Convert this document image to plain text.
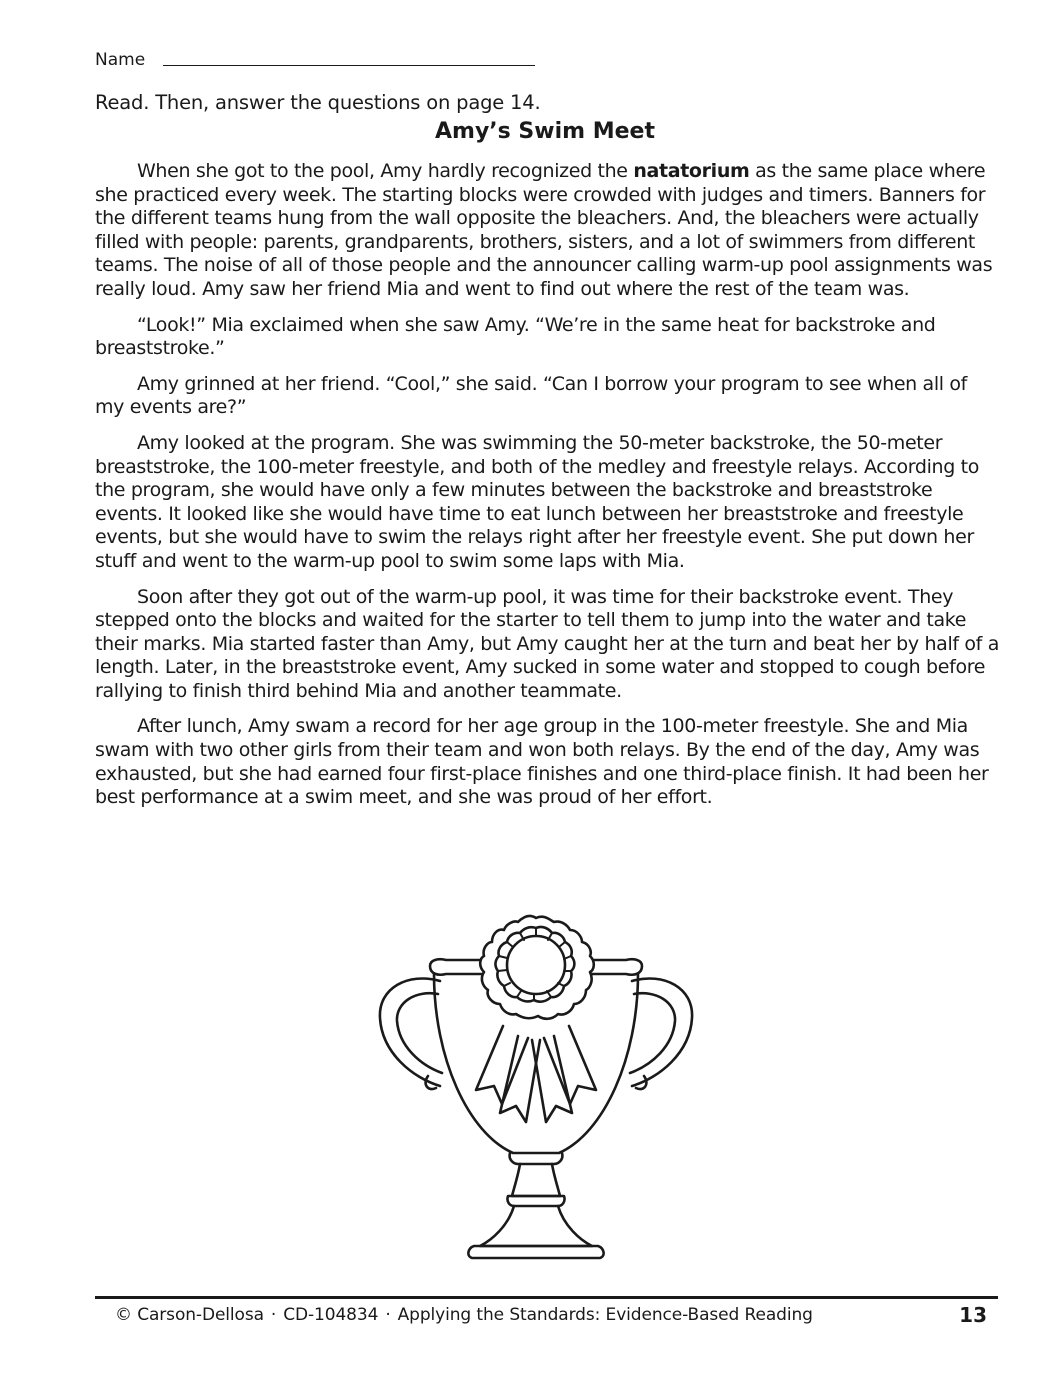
Name
Read. Then, answer the questions on page 14.
Amy’s Swim Meet

When she got to the pool, Amy hardly recognized the natatorium as the same place where she practiced every week. The starting blocks were crowded with judges and timers. Banners for the different teams hung from the wall opposite the bleachers. And, the bleachers were actually filled with people: parents, grandparents, brothers, sisters, and a lot of swimmers from different teams. The noise of all of those people and the announcer calling warm-up pool assignments was really loud. Amy saw her friend Mia and went to find out where the rest of the team was.

“Look!” Mia exclaimed when she saw Amy. “We’re in the same heat for backstroke and breaststroke.”

Amy grinned at her friend. “Cool,” she said. “Can I borrow your program to see when all of my events are?”

Amy looked at the program. She was swimming the 50-meter backstroke, the 50-meter breaststroke, the 100-meter freestyle, and both of the medley and freestyle relays. According to the program, she would have only a few minutes between the backstroke and breaststroke events. It looked like she would have time to eat lunch between her breaststroke and freestyle events, but she would have to swim the relays right after her freestyle event. She put down her stuff and went to the warm-up pool to swim some laps with Mia.

Soon after they got out of the warm-up pool, it was time for their backstroke event. They stepped onto the blocks and waited for the starter to tell them to jump into the water and take their marks. Mia started faster than Amy, but Amy caught her at the turn and beat her by half of a length. Later, in the breaststroke event, Amy sucked in some water and stopped to cough before rallying to finish third behind Mia and another teammate.

After lunch, Amy swam a record for her age group in the 100-meter freestyle. She and Mia swam with two other girls from their team and won both relays. By the end of the day, Amy was exhausted, but she had earned four first-place finishes and one third-place finish. It had been her best performance at a swim meet, and she was proud of her effort.

© Carson-Dellosa · CD-104834 · Applying the Standards: Evidence-Based Reading	13
